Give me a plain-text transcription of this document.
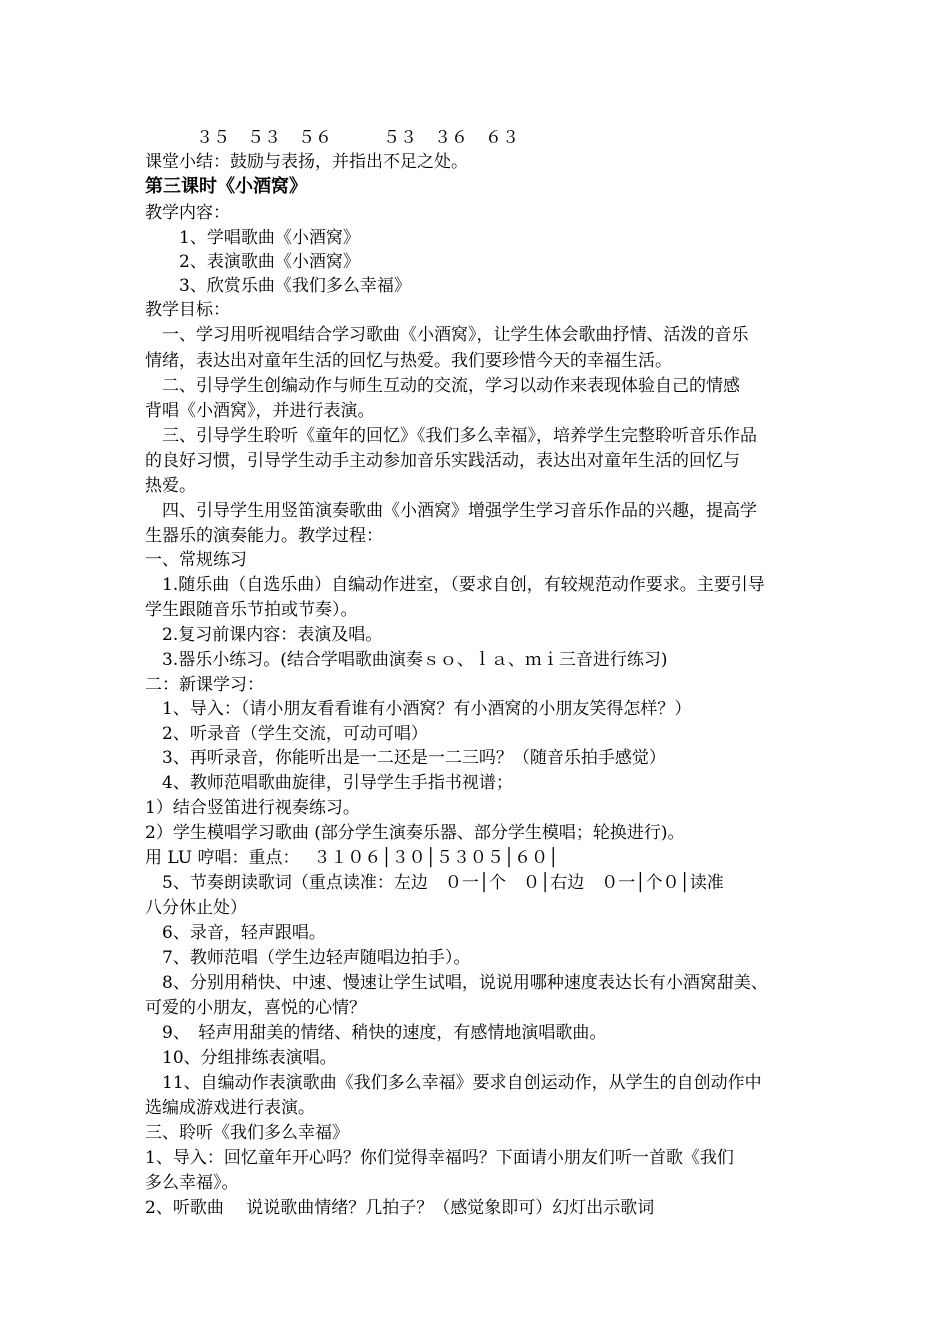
　　　３５　５３　５６　　　５３　３６　６３
课堂小结：鼓励与表扬，并指出不足之处。
第三课时《小酒窝》
教学内容：
　　1、学唱歌曲《小酒窝》
　　2、表演歌曲《小酒窝》
　　3、欣赏乐曲《我们多么幸福》
教学目标：
　一、学习用听视唱结合学习歌曲《小酒窝》，让学生体会歌曲抒情、活泼的音乐
情绪，表达出对童年生活的回忆与热爱。我们要珍惜今天的幸福生活。
　二、引导学生创编动作与师生互动的交流，学习以动作来表现体验自己的情感
背唱《小酒窝》，并进行表演。
　三、引导学生聆听《童年的回忆》《我们多么幸福》，培养学生完整聆听音乐作品
的良好习惯，引导学生动手主动参加音乐实践活动，表达出对童年生活的回忆与
热爱。
　四、引导学生用竖笛演奏歌曲《小酒窝》增强学生学习音乐作品的兴趣，提高学
生器乐的演奏能力。教学过程：
一、常规练习
　1.随乐曲（自选乐曲）自编动作进室，（要求自创，有较规范动作要求。主要引导
学生跟随音乐节拍或节奏）。
　2.复习前课内容：表演及唱。
　3.器乐小练习。(结合学唱歌曲演奏ｓｏ、ｌａ、ｍｉ三音进行练习)
二：新课学习：
　1、导入：（请小朋友看看谁有小酒窝？有小酒窝的小朋友笑得怎样？）
　2、听录音（学生交流，可动可唱）
　3、再听录音，你能听出是一二还是一二三吗？（随音乐拍手感觉）
　4、教师范唱歌曲旋律，引导学生手指书视谱；
1）结合竖笛进行视奏练习。
2）学生模唱学习歌曲 (部分学生演奏乐器、部分学生模唱；轮换进行)。
用 LU 哼唱：重点：　 ３１０６│３０│５３０５│６０│
　5、节奏朗读歌词（重点读准：左边　０一│个　０│右边　０一│个０│读准
八分休止处）
　6、录音，轻声跟唱。
　7、教师范唱（学生边轻声随唱边拍手）。
　8、分别用稍快、中速、慢速让学生试唱，说说用哪种速度表达长有小酒窝甜美、
可爱的小朋友，喜悦的心情？
　9、　轻声用甜美的情绪、稍快的速度，有感情地演唱歌曲。
　10、分组排练表演唱。
　11、自编动作表演歌曲《我们多么幸福》要求自创运动作，从学生的自创动作中
选编成游戏进行表演。
三、聆听《我们多么幸福》
1、导入：回忆童年开心吗？你们觉得幸福吗？下面请小朋友们听一首歌《我们
多么幸福》。
2、听歌曲　 说说歌曲情绪？几拍子？（感觉象即可）幻灯出示歌词
